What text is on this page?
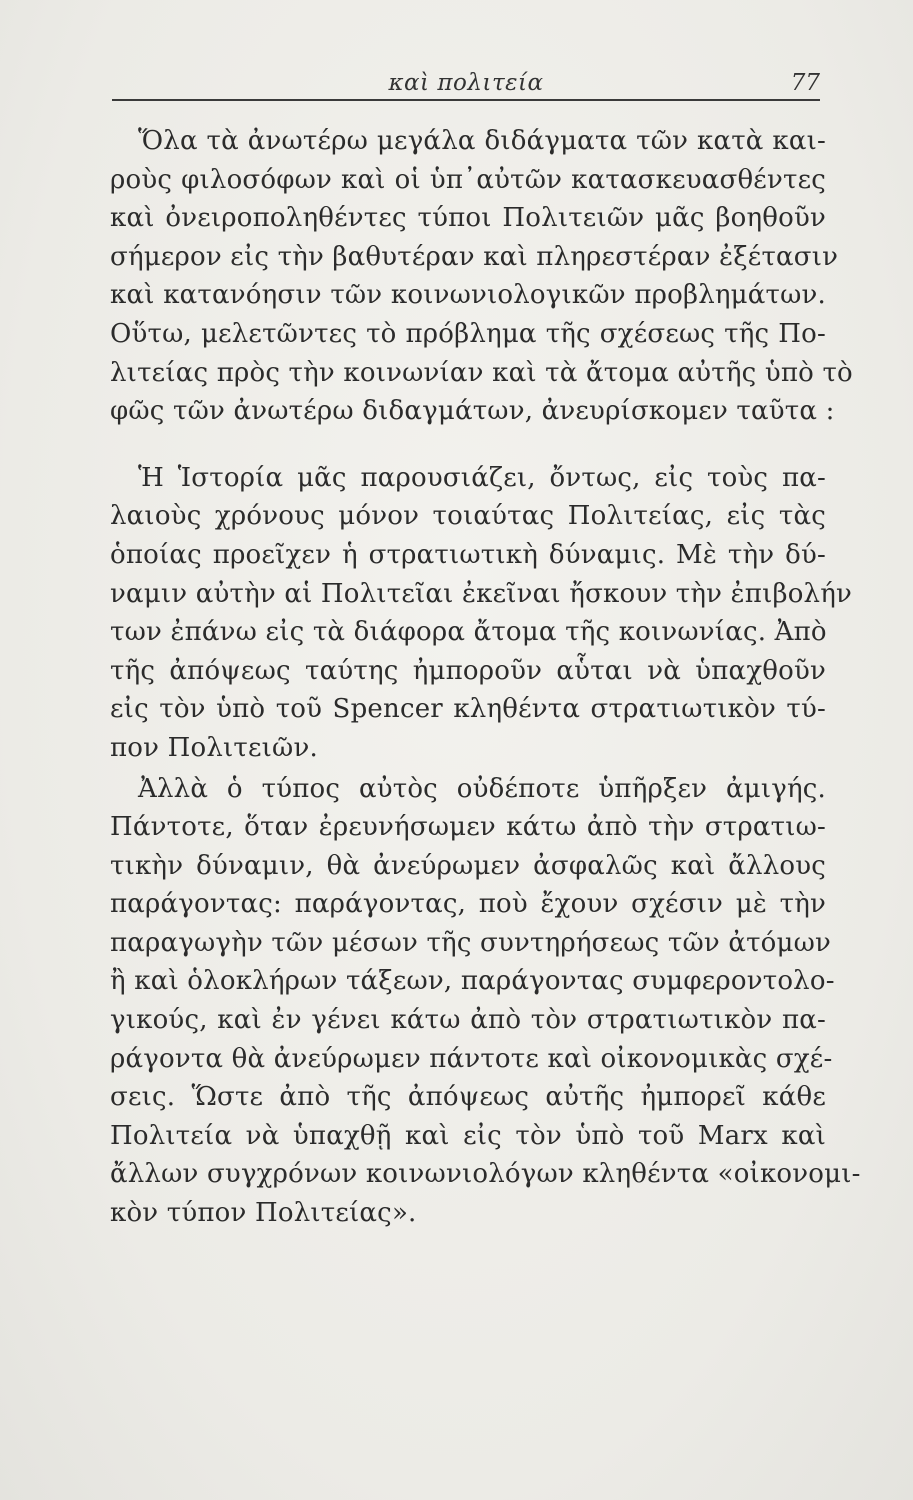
καὶ πολιτεία	77

Ὅλα τὰ ἀνωτέρω μεγάλα διδάγματα τῶν κατὰ και-
ροὺς φιλοσόφων καὶ οἱ ὑπ᾽αὐτῶν κατασκευασθέντες
καὶ ὀνειροποληθέντες τύποι Πολιτειῶν μᾶς βοηθοῦν
σήμερον εἰς τὴν βαθυτέραν καὶ πληρεστέραν ἐξέτασιν
καὶ κατανόησιν τῶν κοινωνιολογικῶν προβλημάτων.
Οὕτω, μελετῶντες τὸ πρόβλημα τῆς σχέσεως τῆς Πο-
λιτείας πρὸς τὴν κοινωνίαν καὶ τὰ ἄτομα αὐτῆς ὑπὸ τὸ
φῶς τῶν ἀνωτέρω διδαγμάτων, ἀνευρίσκομεν ταῦτα :

Ἡ Ἱστορία μᾶς παρουσιάζει, ὄντως, εἰς τοὺς πα-
λαιοὺς χρόνους μόνον τοιαύτας Πολιτείας, εἰς τὰς
ὁποίας προεῖχεν ἡ στρατιωτικὴ δύναμις. Μὲ τὴν δύ-
ναμιν αὐτὴν αἱ Πολιτεῖαι ἐκεῖναι ἤσκουν τὴν ἐπιβολήν
των ἐπάνω εἰς τὰ διάφορα ἄτομα τῆς κοινωνίας. Ἀπὸ
τῆς ἀπόψεως ταύτης ἠμποροῦν αὗται νὰ ὑπαχθοῦν
εἰς τὸν ὑπὸ τοῦ Spencer κληθέντα στρατιωτικὸν τύ-
πον Πολιτειῶν.

Ἀλλὰ ὁ τύπος αὐτὸς οὐδέποτε ὑπῆρξεν ἀμιγής.
Πάντοτε, ὅταν ἐρευνήσωμεν κάτω ἀπὸ τὴν στρατιω-
τικὴν δύναμιν, θὰ ἀνεύρωμεν ἀσφαλῶς καὶ ἄλλους
παράγοντας: παράγοντας, ποὺ ἔχουν σχέσιν μὲ τὴν
παραγωγὴν τῶν μέσων τῆς συντηρήσεως τῶν ἀτόμων
ἢ καὶ ὁλοκλήρων τάξεων, παράγοντας συμφεροντολο-
γικούς, καὶ ἐν γένει κάτω ἀπὸ τὸν στρατιωτικὸν πα-
ράγοντα θὰ ἀνεύρωμεν πάντοτε καὶ οἰκονομικὰς σχέ-
σεις. Ὥστε ἀπὸ τῆς ἀπόψεως αὐτῆς ἠμπορεῖ κάθε
Πολιτεία νὰ ὑπαχθῇ καὶ εἰς τὸν ὑπὸ τοῦ Marx καὶ
ἄλλων συγχρόνων κοινωνιολόγων κληθέντα «οἰκονομι-
κὸν τύπον Πολιτείας».
